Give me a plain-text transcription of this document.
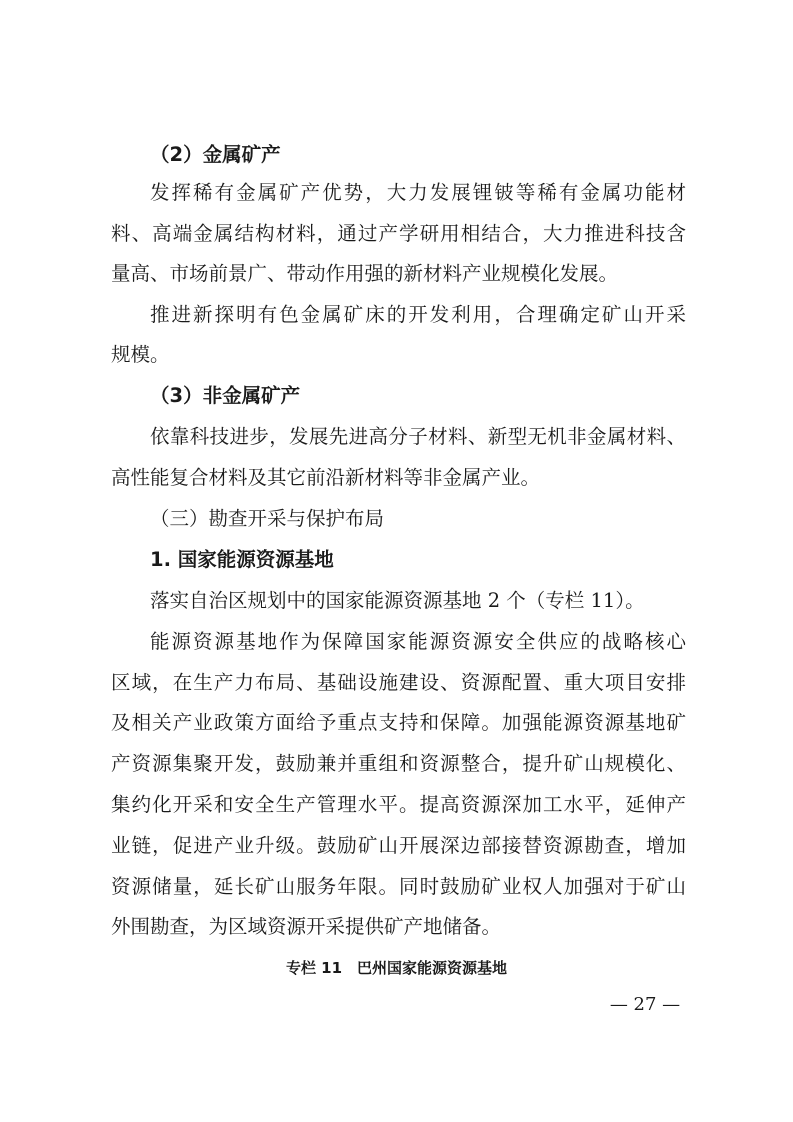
（2）金属矿产
发挥稀有金属矿产优势，大力发展锂铍等稀有金属功能材
料、高端金属结构材料，通过产学研用相结合，大力推进科技含
量高、市场前景广、带动作用强的新材料产业规模化发展。
推进新探明有色金属矿床的开发利用，合理确定矿山开采
规模。
（3）非金属矿产
依靠科技进步，发展先进高分子材料、新型无机非金属材料、
高性能复合材料及其它前沿新材料等非金属产业。
（三）勘查开采与保护布局
1. 国家能源资源基地
落实自治区规划中的国家能源资源基地 2 个（专栏 11）。
能源资源基地作为保障国家能源资源安全供应的战略核心
区域，在生产力布局、基础设施建设、资源配置、重大项目安排
及相关产业政策方面给予重点支持和保障。加强能源资源基地矿
产资源集聚开发，鼓励兼并重组和资源整合，提升矿山规模化、
集约化开采和安全生产管理水平。提高资源深加工水平，延伸产
业链，促进产业升级。鼓励矿山开展深边部接替资源勘查，增加
资源储量，延长矿山服务年限。同时鼓励矿业权人加强对于矿山
外围勘查，为区域资源开采提供矿产地储备。
专栏 11　巴州国家能源资源基地
— 27 —
